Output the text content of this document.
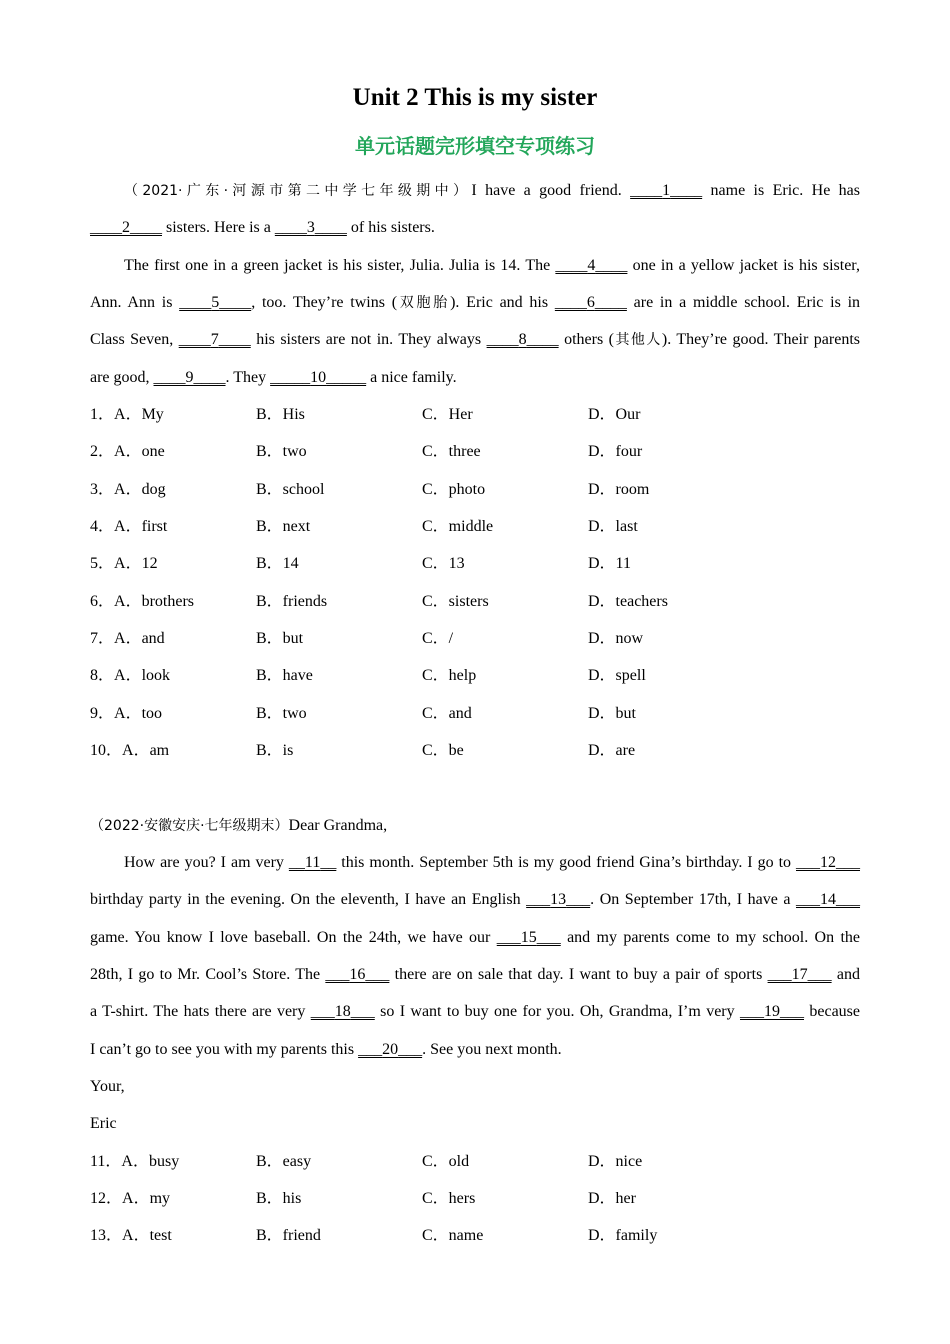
Unit 2 This is my sister
单元话题完形填空专项练习
（2021·广东·河源市第二中学七年级期中）I have a good friend. ____1____ name is Eric. He has
____2____ sisters. Here is a ____3____ of his sisters.
The first one in a green jacket is his sister, Julia. Julia is 14. The ____4____ one in a yellow jacket is his sister,
Ann. Ann is ____5____, too. They’re twins (双胞胎). Eric and his ____6____ are in a middle school. Eric is in
Class Seven, ____7____ his sisters are not in. They always ____8____ others (其他人). They’re good. Their parents
are good, ____9____. They _____10_____ a nice family.
1．A．My	B．His	C．Her	D．Our
2．A．one	B．two	C．three	D．four
3．A．dog	B．school	C．photo	D．room
4．A．first	B．next	C．middle	D．last
5．A．12	B．14	C．13	D．11
6．A．brothers	B．friends	C．sisters	D．teachers
7．A．and	B．but	C．/	D．now
8．A．look	B．have	C．help	D．spell
9．A．too	B．two	C．and	D．but
10．A．am	B．is	C．be	D．are
（2022·安徽安庆·七年级期末）Dear Grandma,
How are you? I am very __11__ this month. September 5th is my good friend Gina’s birthday. I go to ___12___
birthday party in the evening. On the eleventh, I have an English ___13___. On September 17th, I have a ___14___
game. You know I love baseball. On the 24th, we have our ___15___ and my parents come to my school. On the
28th, I go to Mr. Cool’s Store. The ___16___ there are on sale that day. I want to buy a pair of sports ___17___ and
a T-shirt. The hats there are very ___18___ so I want to buy one for you. Oh, Grandma, I’m very ___19___ because
I can’t go to see you with my parents this ___20___. See you next month.
Your,
Eric
11．A．busy	B．easy	C．old	D．nice
12．A．my	B．his	C．hers	D．her
13．A．test	B．friend	C．name	D．family
